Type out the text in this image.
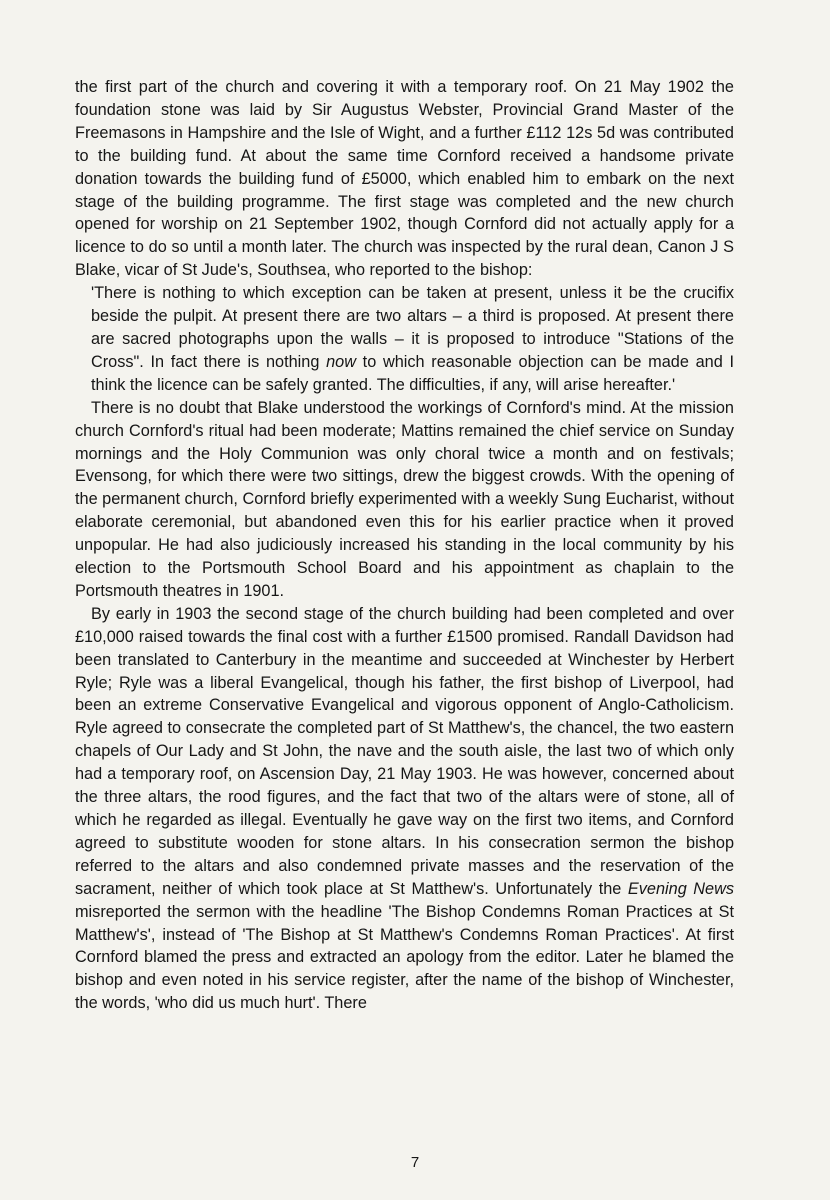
the first part of the church and covering it with a temporary roof. On 21 May 1902 the foundation stone was laid by Sir Augustus Webster, Provincial Grand Master of the Freemasons in Hampshire and the Isle of Wight, and a further £112 12s 5d was contributed to the building fund. At about the same time Cornford received a handsome private donation towards the building fund of £5000, which enabled him to embark on the next stage of the building programme. The first stage was completed and the new church opened for worship on 21 September 1902, though Cornford did not actually apply for a licence to do so until a month later. The church was inspected by the rural dean, Canon J S Blake, vicar of St Jude's, Southsea, who reported to the bishop:

'There is nothing to which exception can be taken at present, unless it be the crucifix beside the pulpit. At present there are two altars – a third is proposed. At present there are sacred photographs upon the walls – it is proposed to introduce "Stations of the Cross". In fact there is nothing now to which reasonable objection can be made and I think the licence can be safely granted. The difficulties, if any, will arise hereafter.'

There is no doubt that Blake understood the workings of Cornford's mind. At the mission church Cornford's ritual had been moderate; Mattins remained the chief service on Sunday mornings and the Holy Communion was only choral twice a month and on festivals; Evensong, for which there were two sittings, drew the biggest crowds. With the opening of the permanent church, Cornford briefly experimented with a weekly Sung Eucharist, without elaborate ceremonial, but abandoned even this for his earlier practice when it proved unpopular. He had also judiciously increased his standing in the local community by his election to the Portsmouth School Board and his appointment as chaplain to the Portsmouth theatres in 1901.

By early in 1903 the second stage of the church building had been completed and over £10,000 raised towards the final cost with a further £1500 promised. Randall Davidson had been translated to Canterbury in the meantime and succeeded at Winchester by Herbert Ryle; Ryle was a liberal Evangelical, though his father, the first bishop of Liverpool, had been an extreme Conservative Evangelical and vigorous opponent of Anglo-Catholicism. Ryle agreed to consecrate the completed part of St Matthew's, the chancel, the two eastern chapels of Our Lady and St John, the nave and the south aisle, the last two of which only had a temporary roof, on Ascension Day, 21 May 1903. He was however, concerned about the three altars, the rood figures, and the fact that two of the altars were of stone, all of which he regarded as illegal. Eventually he gave way on the first two items, and Cornford agreed to substitute wooden for stone altars. In his consecration sermon the bishop referred to the altars and also condemned private masses and the reservation of the sacrament, neither of which took place at St Matthew's. Unfortunately the Evening News misreported the sermon with the headline 'The Bishop Condemns Roman Practices at St Matthew's', instead of 'The Bishop at St Matthew's Condemns Roman Practices'. At first Cornford blamed the press and extracted an apology from the editor. Later he blamed the bishop and even noted in his service register, after the name of the bishop of Winchester, the words, 'who did us much hurt'. There

7
